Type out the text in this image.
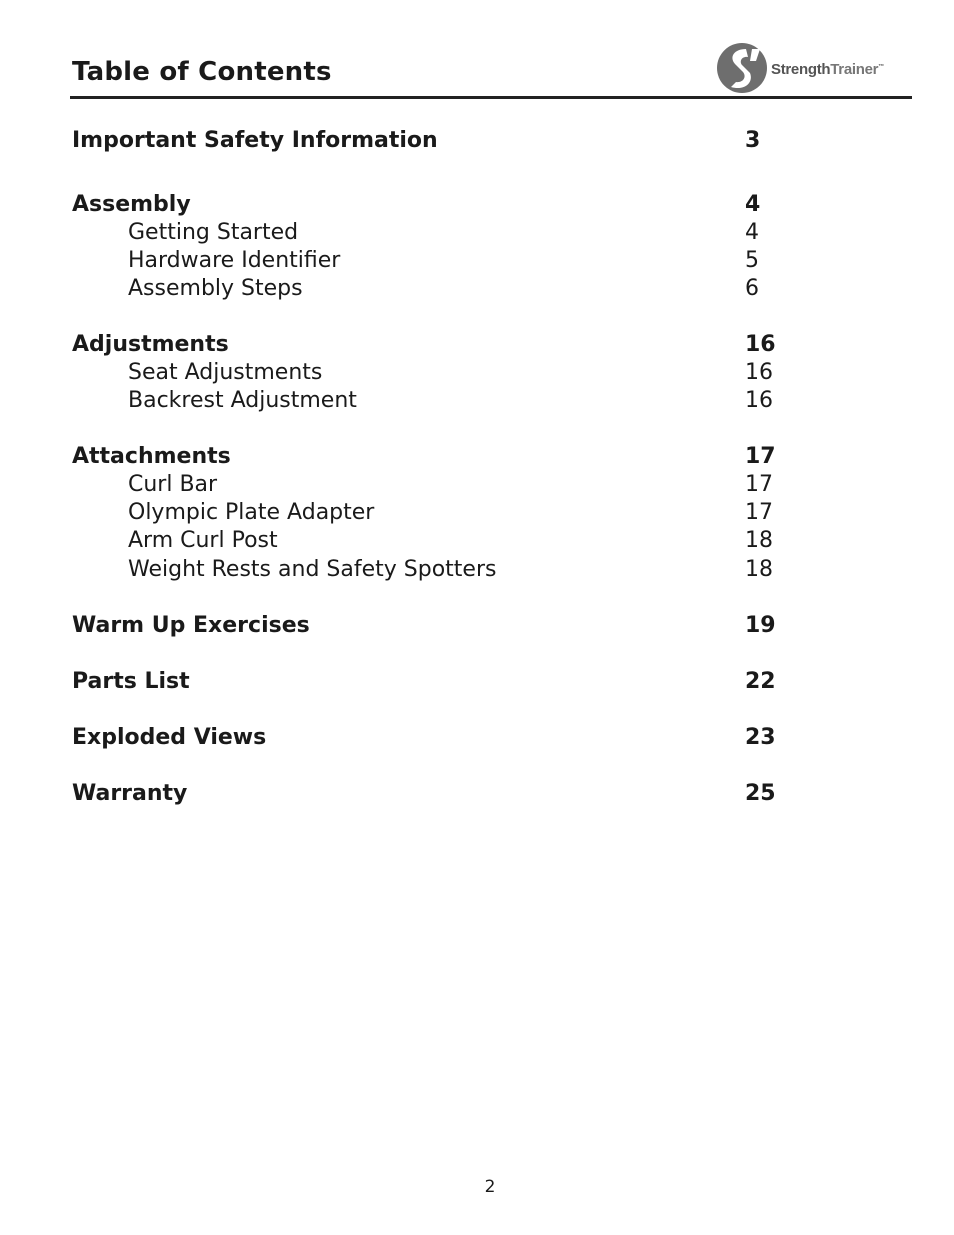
Table of Contents	StrengthTrainer™
Important Safety Information	3
Assembly	4
Getting Started	4
Hardware Identifier	5
Assembly Steps	6
Adjustments	16
Seat Adjustments	16
Backrest Adjustment	16
Attachments	17
Curl Bar	17
Olympic Plate Adapter	17
Arm Curl Post	18
Weight Rests and Safety Spotters	18
Warm Up Exercises	19
Parts List	22
Exploded Views	23
Warranty	25
2
